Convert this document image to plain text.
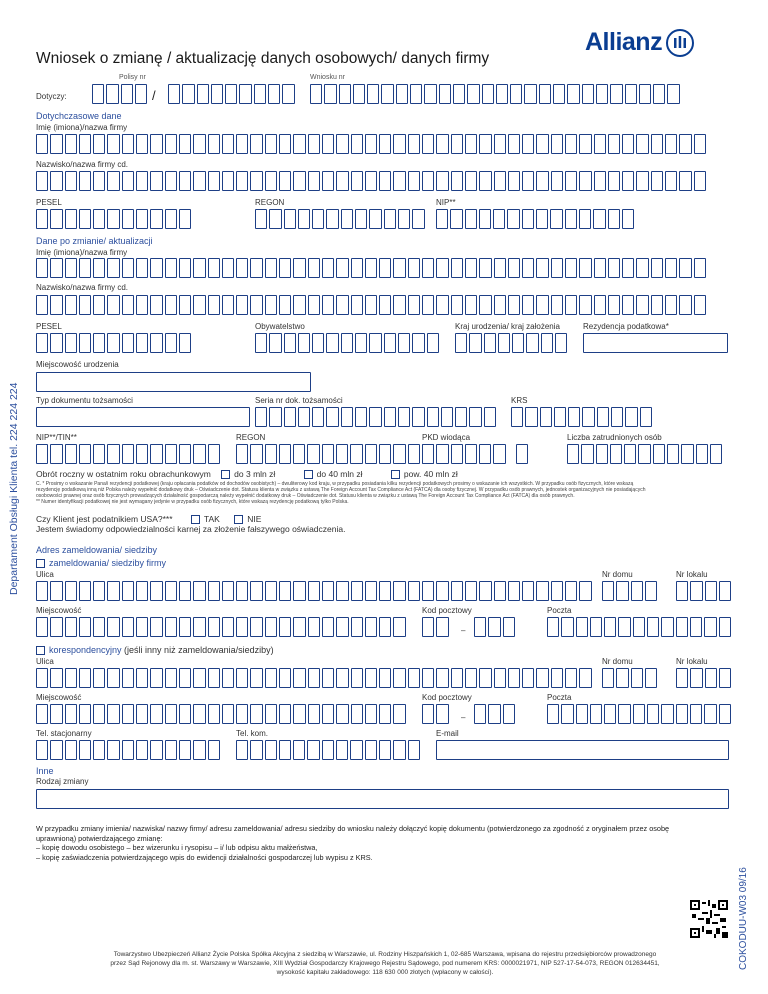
Wniosek o zmianę / aktualizację danych osobowych/ danych firmy
Allianz
Departament Obsługi Klienta tel. 224 224 224
COKODUU-W03 09/16
Polisy nr	Wniosku nr
Dotyczy:	/
Dotychczasowe dane
Imię (imiona)/nazwa firmy
Nazwisko/nazwa firmy cd.
PESEL	REGON	NIP**
Dane po zmianie/ aktualizacji
Imię (imiona)/nazwa firmy
Nazwisko/nazwa firmy cd.
PESEL	Obywatelstwo	Kraj urodzenia/ kraj założenia	Rezydencja podatkowa*
Miejscowość urodzenia
Typ dokumentu tożsamości	Seria nr dok. tożsamości	KRS
NIP**/TIN**	REGON	PKD wiodąca	Liczba zatrudnionych osób
Obrót roczny w ostatnim roku obrachunkowym	do 3 mln zł	do 40 mln zł	pow. 40 mln zł
C. * Prosimy o wskazanie Pana/i rezydencji podatkowej (kraju opłacania podatków od dochodów osobistych) – dwuliterowy kod kraju, w przypadku posiadania kilku rezydencji podatkowych prosimy o wskazanie ich wszystkich. W przypadku osób fizycznych, które wskazą
rezydencję podatkową inną niż Polska należy wypełnić dodatkowy druk – Oświadczenie dot. Statusu klienta w związku z ustawą The Foreign Account Tax Compliance Act (FATCA) dla osoby fizycznej. W przypadku osób prawnych, jednostek organizacyjnych nie posiadających
osobowości prawnej oraz osób fizycznych prowadzących działalność gospodarczą należy wypełnić dodatkowy druk – Oświadczenie dot. Statusu klienta w związku z ustawą The Foreign Account Tax Compliance Act (FATCA) dla osób prawnych.
** Numer identyfikacji podatkowej nie jest wymagany jedynie w przypadku osób fizycznych, które wskazą rezydencję podatkową tylko Polska.
Czy Klient jest podatnikiem USA?***	TAK	NIE
Jestem świadomy odpowiedzialności karnej za złożenie fałszywego oświadczenia.
Adres zameldowania/ siedziby
zameldowania/ siedziby firmy
Ulica	Nr domu	Nr lokalu
Miejscowość	Kod pocztowy	Poczta
–
korespondencyjny (jeśli inny niż zameldowania/siedziby)
Ulica	Nr domu	Nr lokalu
Miejscowość	Kod pocztowy	Poczta
–
Tel. stacjonarny	Tel. kom.	E-mail
Inne
Rodzaj zmiany
W przypadku zmiany imienia/ nazwiska/ nazwy firmy/ adresu zameldowania/ adresu siedziby do wniosku należy dołączyć kopię dokumentu (potwierdzonego za zgodność z oryginałem przez osobę
uprawnioną) potwierdzającego zmianę:
– kopię dowodu osobistego – bez wizerunku i rysopisu – i/ lub odpisu aktu małżeństwa,
– kopię zaświadczenia potwierdzającego wpis do ewidencji działalności gospodarczej lub wypisu z KRS.
Towarzystwo Ubezpieczeń Allianz Życie Polska Spółka Akcyjna z siedzibą w Warszawie, ul. Rodziny Hiszpańskich 1, 02-685 Warszawa, wpisana do rejestru przedsiębiorców prowadzonego
przez Sąd Rejonowy dla m. st. Warszawy w Warszawie, XIII Wydział Gospodarczy Krajowego Rejestru Sądowego, pod numerem KRS: 0000021971, NIP 527-17-54-073, REGON 012634451,
wysokość kapitału zakładowego: 118 630 000 złotych (wpłacony w całości).
